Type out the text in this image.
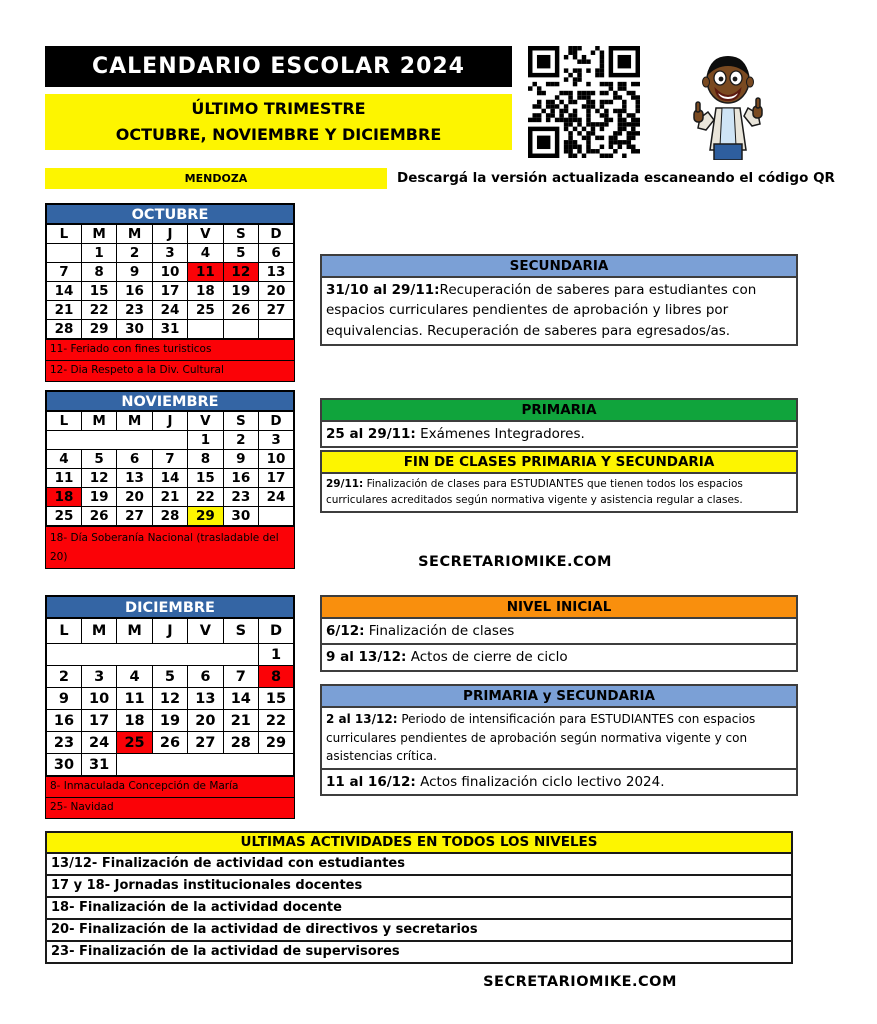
CALENDARIO ESCOLAR 2024
ÚLTIMO TRIMESTRE
OCTUBRE, NOVIEMBRE Y DICIEMBRE
MENDOZA	Descargá la versión actualizada escaneando el código QR
OCTUBRE
L	M	M	J	V	S	D
	1	2	3	4	5	6
7	8	9	10	11	12	13
14	15	16	17	18	19	20
21	22	23	24	25	26	27
28	29	30	31			
11- Feriado con fines turisticos
12- Dia Respeto a la Div. Cultural
NOVIEMBRE
L	M	M	J	V	S	D
				1	2	3
4	5	6	7	8	9	10
11	12	13	14	15	16	17
18	19	20	21	22	23	24
25	26	27	28	29	30	
18- Día Soberanía Nacional (trasladable del 20)
DICIEMBRE
L	M	M	J	V	S	D
						1
2	3	4	5	6	7	8
9	10	11	12	13	14	15
16	17	18	19	20	21	22
23	24	25	26	27	28	29
30	31					
8- Inmaculada Concepción de María
25- Navidad
SECUNDARIA
31/10 al 29/11:Recuperación de saberes para estudiantes con espacios curriculares pendientes de aprobación y libres por equivalencias. Recuperación de saberes para egresados/as.
PRIMARIA
25 al 29/11: Exámenes Integradores.
FIN DE CLASES PRIMARIA Y SECUNDARIA
29/11: Finalización de clases para ESTUDIANTES que tienen todos los espacios curriculares acreditados según normativa vigente y asistencia regular a clases.
NIVEL INICIAL
6/12: Finalización de clases
9 al 13/12: Actos de cierre de ciclo
PRIMARIA y SECUNDARIA
2 al 13/12: Periodo de intensificación para ESTUDIANTES con espacios curriculares pendientes de aprobación según normativa vigente y con asistencias crítica.
11 al 16/12: Actos finalización ciclo lectivo 2024.
SECRETARIOMIKE.COM
ULTIMAS ACTIVIDADES EN TODOS LOS NIVELES
13/12- Finalización de actividad con estudiantes
17 y 18- Jornadas institucionales docentes
18- Finalización de la actividad docente
20- Finalización de la actividad de directivos y secretarios
23- Finalización de la actividad de supervisores
SECRETARIOMIKE.COM
